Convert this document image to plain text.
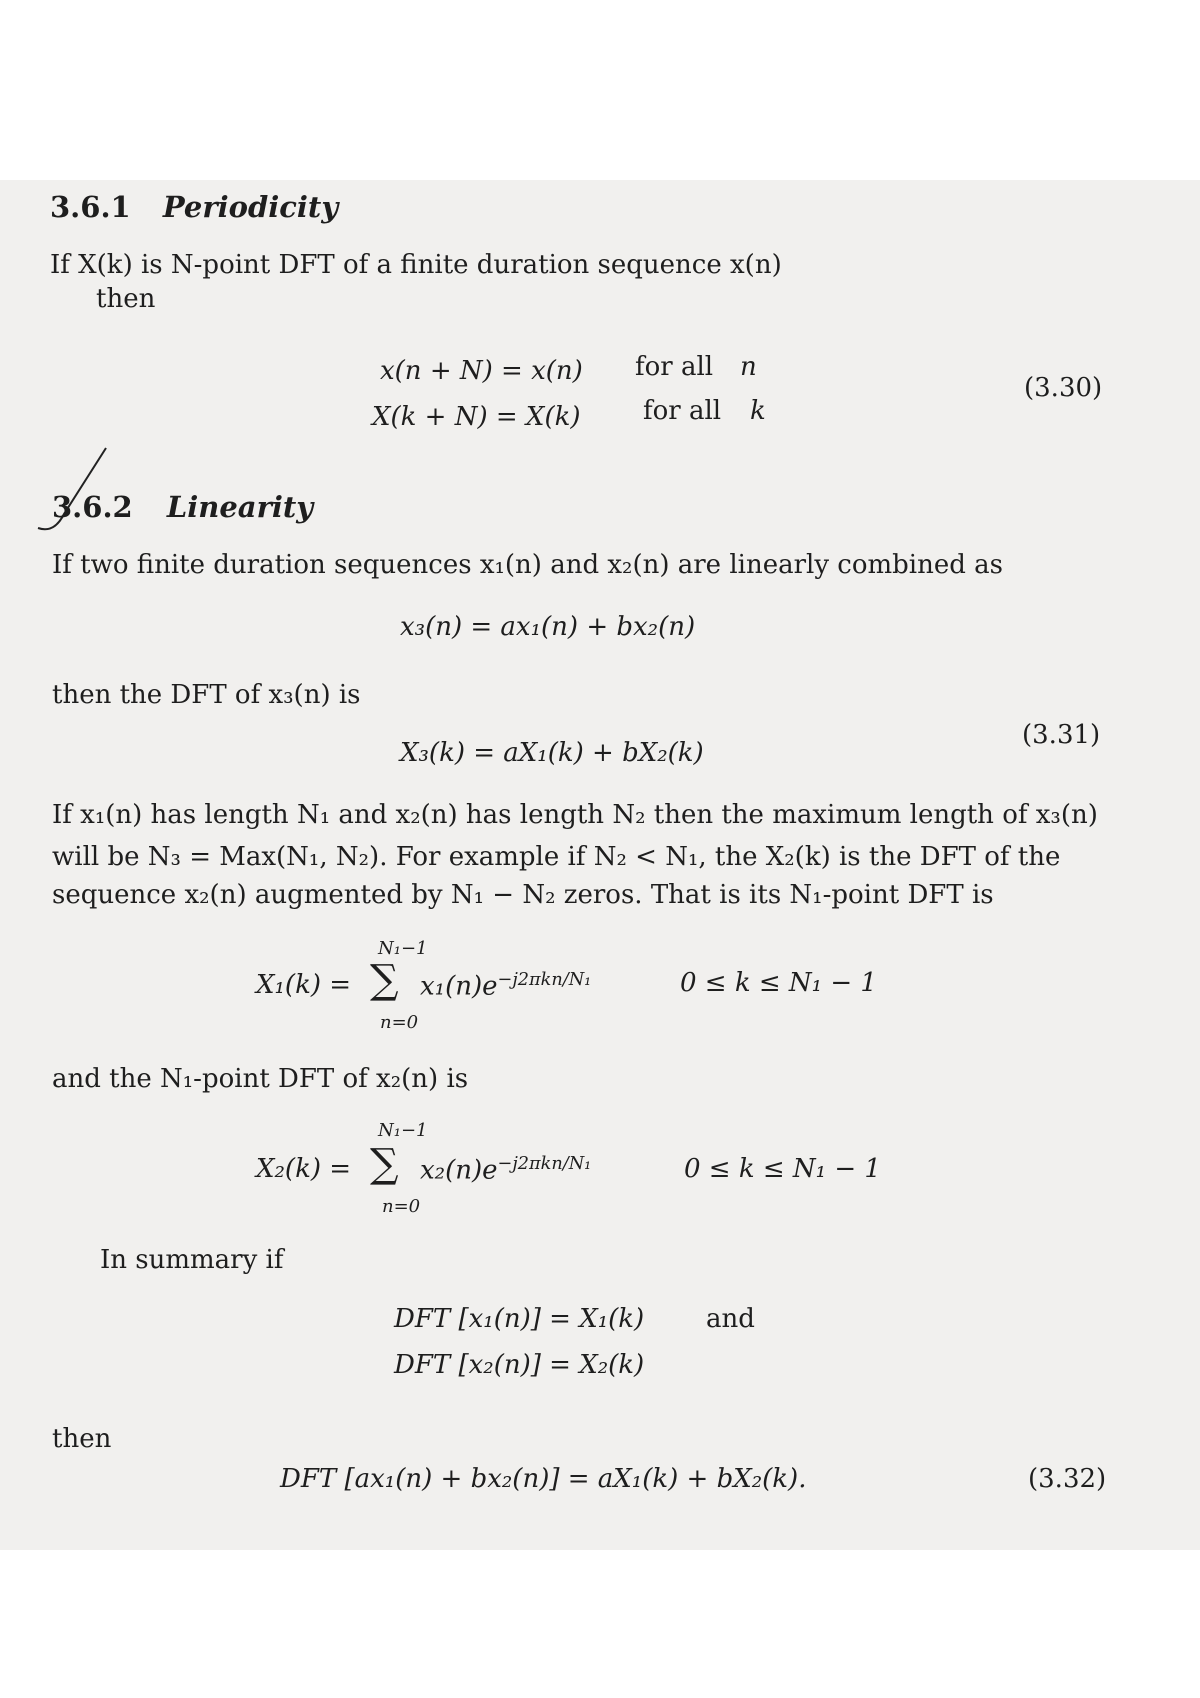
3.6.1 Periodicity
If X(k) is N-point DFT of a finite duration sequence x(n)
then
x(n + N) = x(n) for all n
X(k + N) = X(k) for all k
(3.30)
3.6.2 Linearity
If two finite duration sequences x₁(n) and x₂(n) are linearly combined as
x₃(n) = ax₁(n) + bx₂(n)
then the DFT of x₃(n) is
X₃(k) = aX₁(k) + bX₂(k)
(3.31)
If x₁(n) has length N₁ and x₂(n) has length N₂ then the maximum length of x₃(n)
will be N₃ = Max(N₁, N₂). For example if N₂ < N₁, the X₂(k) is the DFT of the
sequence x₂(n) augmented by N₁ − N₂ zeros. That is its N₁-point DFT is
N₁−1
X₁(k) = ∑ $x_1(n)e^{-j2\pi kn/N_1}$	0 ≤ k ≤ N₁ − 1
n=0
and the N₁-point DFT of x₂(n) is
N₁−1
X₂(k) = ∑ $x_2(n)e^{-j2\pi kn/N_1}$	0 ≤ k ≤ N₁ − 1
n=0
In summary if
DFT [x₁(n)] = X₁(k) and
DFT [x₂(n)] = X₂(k)
then
DFT [ax₁(n) + bx₂(n)] = aX₁(k) + bX₂(k).	(3.32)
